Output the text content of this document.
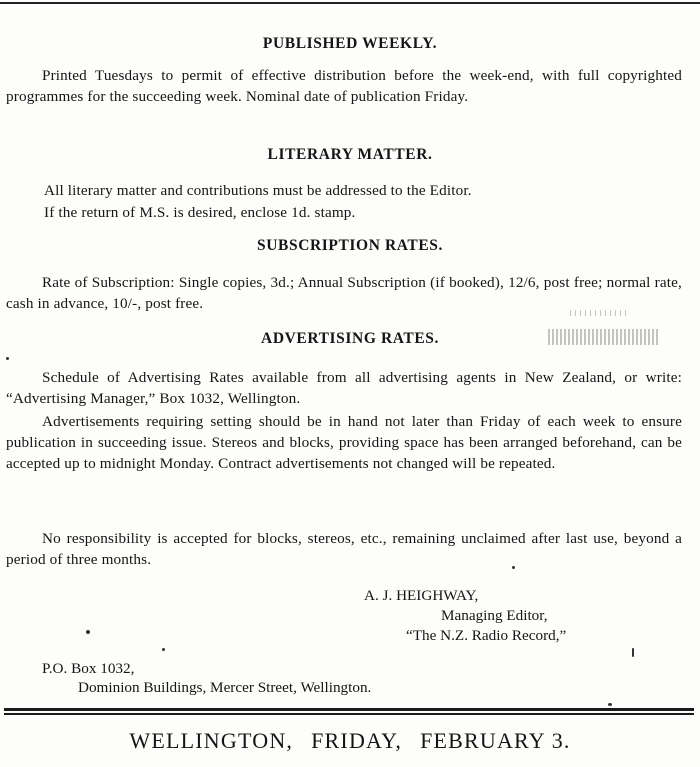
PUBLISHED WEEKLY.

Printed Tuesdays to permit of effective distribution before the week-end, with full copyrighted programmes for the succeeding week. Nominal date of publication Friday.

LITERARY MATTER.

All literary matter and contributions must be addressed to the Editor.

If the return of M.S. is desired, enclose 1d. stamp.

SUBSCRIPTION RATES.

Rate of Subscription: Single copies, 3d.; Annual Subscription (if booked), 12/6, post free; normal rate, cash in advance, 10/-, post free.

ADVERTISING RATES.

Schedule of Advertising Rates available from all advertising agents in New Zealand, or write: “Advertising Manager,” Box 1032, Wellington.

Advertisements requiring setting should be in hand not later than Friday of each week to ensure publication in succeeding issue. Stereos and blocks, providing space has been arranged beforehand, can be accepted up to midnight Monday. Contract advertisements not changed will be repeated.

No responsibility is accepted for blocks, stereos, etc., remaining unclaimed after last use, beyond a period of three months.

A. J. HEIGHWAY,
Managing Editor,
“The N.Z. Radio Record,”
P.O. Box 1032,
Dominion Buildings, Mercer Street, Wellington.
WELLINGTON, FRIDAY, FEBRUARY 3.
